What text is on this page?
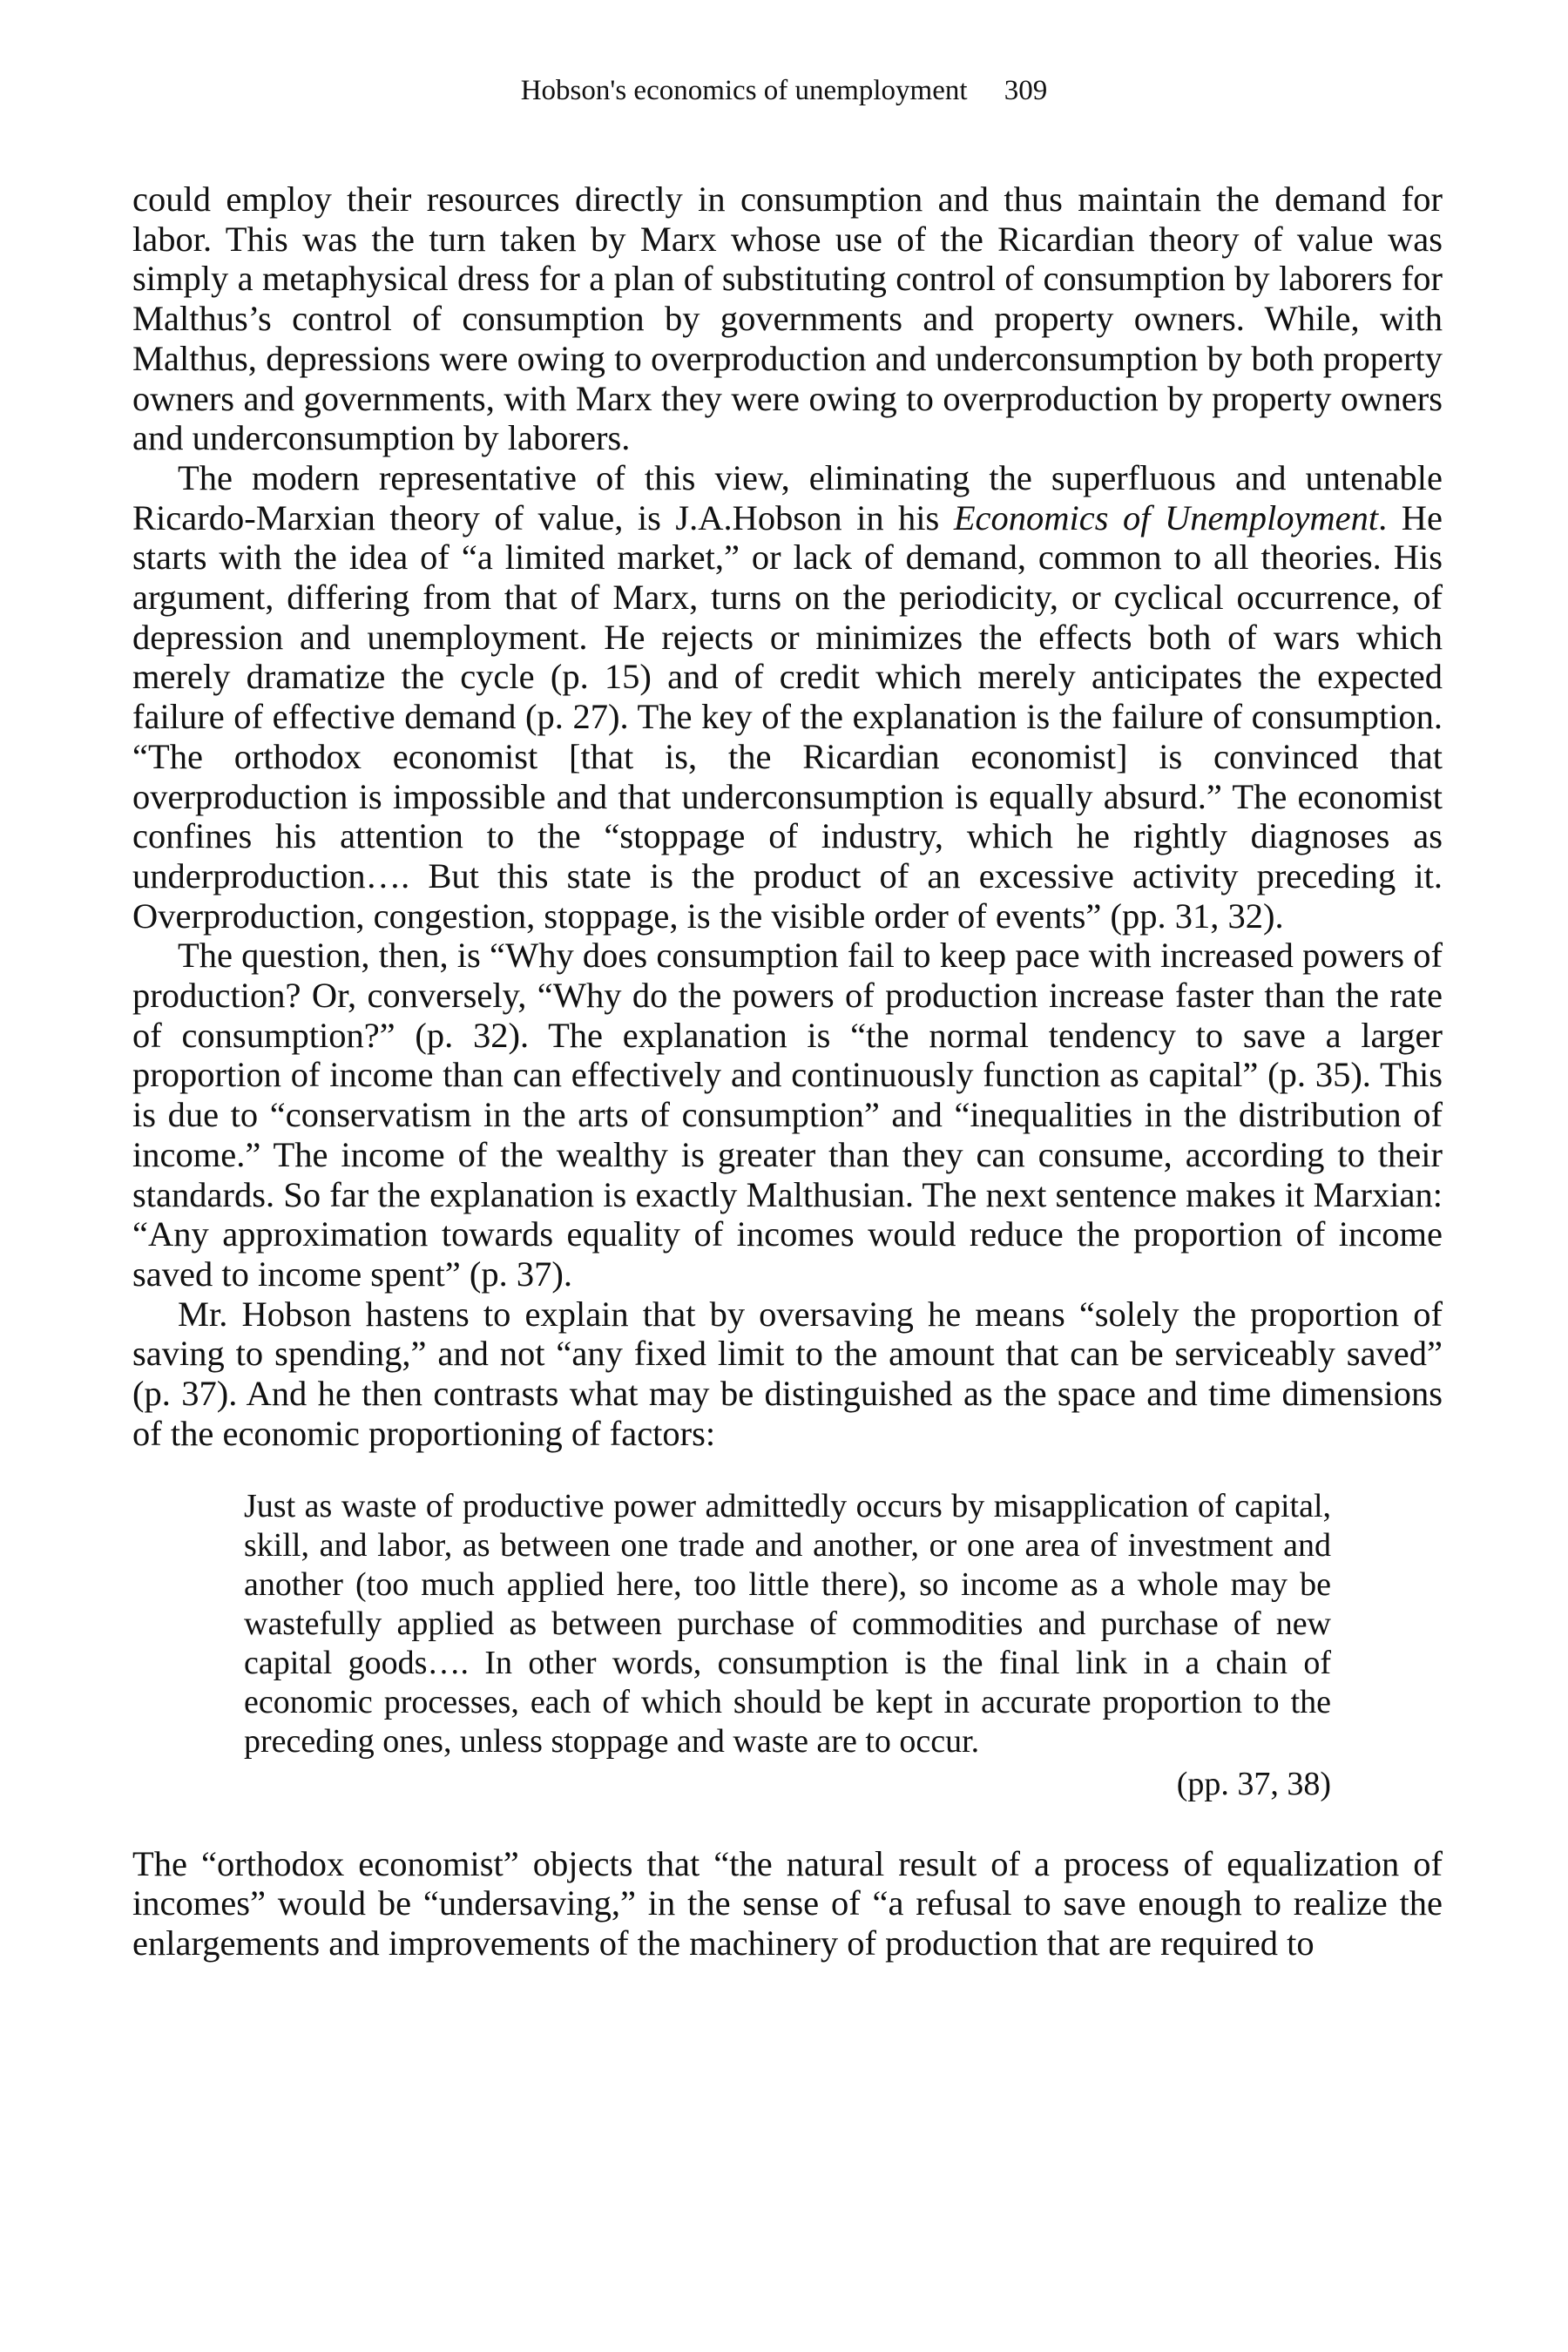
Hobson's economics of unemployment 309

could employ their resources directly in consumption and thus maintain the demand for labor. This was the turn taken by Marx whose use of the Ricardian theory of value was simply a metaphysical dress for a plan of substituting control of consumption by laborers for Malthus’s control of consumption by governments and property owners. While, with Malthus, depressions were owing to overproduction and underconsumption by both property owners and governments, with Marx they were owing to overproduction by property owners and underconsumption by laborers.

The modern representative of this view, eliminating the superfluous and untenable Ricardo-Marxian theory of value, is J.A.Hobson in his Economics of Unemployment. He starts with the idea of “a limited market,” or lack of demand, common to all theories. His argument, differing from that of Marx, turns on the periodicity, or cyclical occurrence, of depression and unemployment. He rejects or minimizes the effects both of wars which merely dramatize the cycle (p. 15) and of credit which merely anticipates the expected failure of effective demand (p. 27). The key of the explanation is the failure of consumption. “The orthodox economist [that is, the Ricardian economist] is convinced that overproduction is impossible and that underconsumption is equally absurd.” The economist confines his attention to the “stoppage of industry, which he rightly diagnoses as underproduction…. But this state is the product of an excessive activity preceding it. Overproduction, congestion, stoppage, is the visible order of events” (pp. 31, 32).

The question, then, is “Why does consumption fail to keep pace with increased powers of production? Or, conversely, “Why do the powers of production increase faster than the rate of consumption?” (p. 32). The explanation is “the normal tendency to save a larger proportion of income than can effectively and continuously function as capital” (p. 35). This is due to “conservatism in the arts of consumption” and “inequalities in the distribution of income.” The income of the wealthy is greater than they can consume, according to their standards. So far the explanation is exactly Malthusian. The next sentence makes it Marxian: “Any approximation towards equality of incomes would reduce the proportion of income saved to income spent” (p. 37).

Mr. Hobson hastens to explain that by oversaving he means “solely the proportion of saving to spending,” and not “any fixed limit to the amount that can be serviceably saved” (p. 37). And he then contrasts what may be distinguished as the space and time dimensions of the economic proportioning of factors:

Just as waste of productive power admittedly occurs by misapplication of capital, skill, and labor, as between one trade and another, or one area of investment and another (too much applied here, too little there), so income as a whole may be wastefully applied as between purchase of commodities and purchase of new capital goods…. In other words, consumption is the final link in a chain of economic processes, each of which should be kept in accurate proportion to the preceding ones, unless stoppage and waste are to occur.

(pp. 37, 38)

The “orthodox economist” objects that “the natural result of a process of equalization of incomes” would be “undersaving,” in the sense of “a refusal to save enough to realize the enlargements and improvements of the machinery of production that are required to
